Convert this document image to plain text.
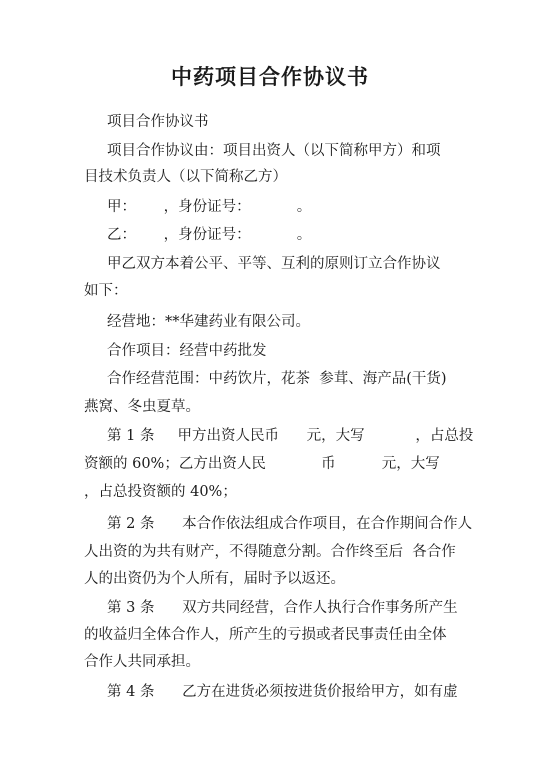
中药项目合作协议书
项目合作协议书
项目合作协议由：项目出资人（以下简称甲方）和项
目技术负责人（以下简称乙方）
甲：      ，身份证号：          。
乙：      ，身份证号：          。
甲乙双方本着公平、平等、互利的原则订立合作协议
如下：
经营地：**华建药业有限公司。
合作项目：经营中药批发
合作经营范围：中药饮片，花茶  参茸、海产品(干货)
燕窝、冬虫夏草。
第 1 条     甲方出资人民币      元，大写           ，占总投
资额的 60%；乙方出资人民            币          元，大写
，占总投资额的 40%；
第 2 条      本合作依法组成合作项目，在合作期间合作人
人出资的为共有财产，不得随意分割。合作终至后  各合作
人的出资仍为个人所有，届时予以返还。
第 3 条      双方共同经营，合作人执行合作事务所产生
的收益归全体合作人，所产生的亏损或者民事责任由全体
合作人共同承担。
第 4 条      乙方在进货必须按进货价报给甲方，如有虚
